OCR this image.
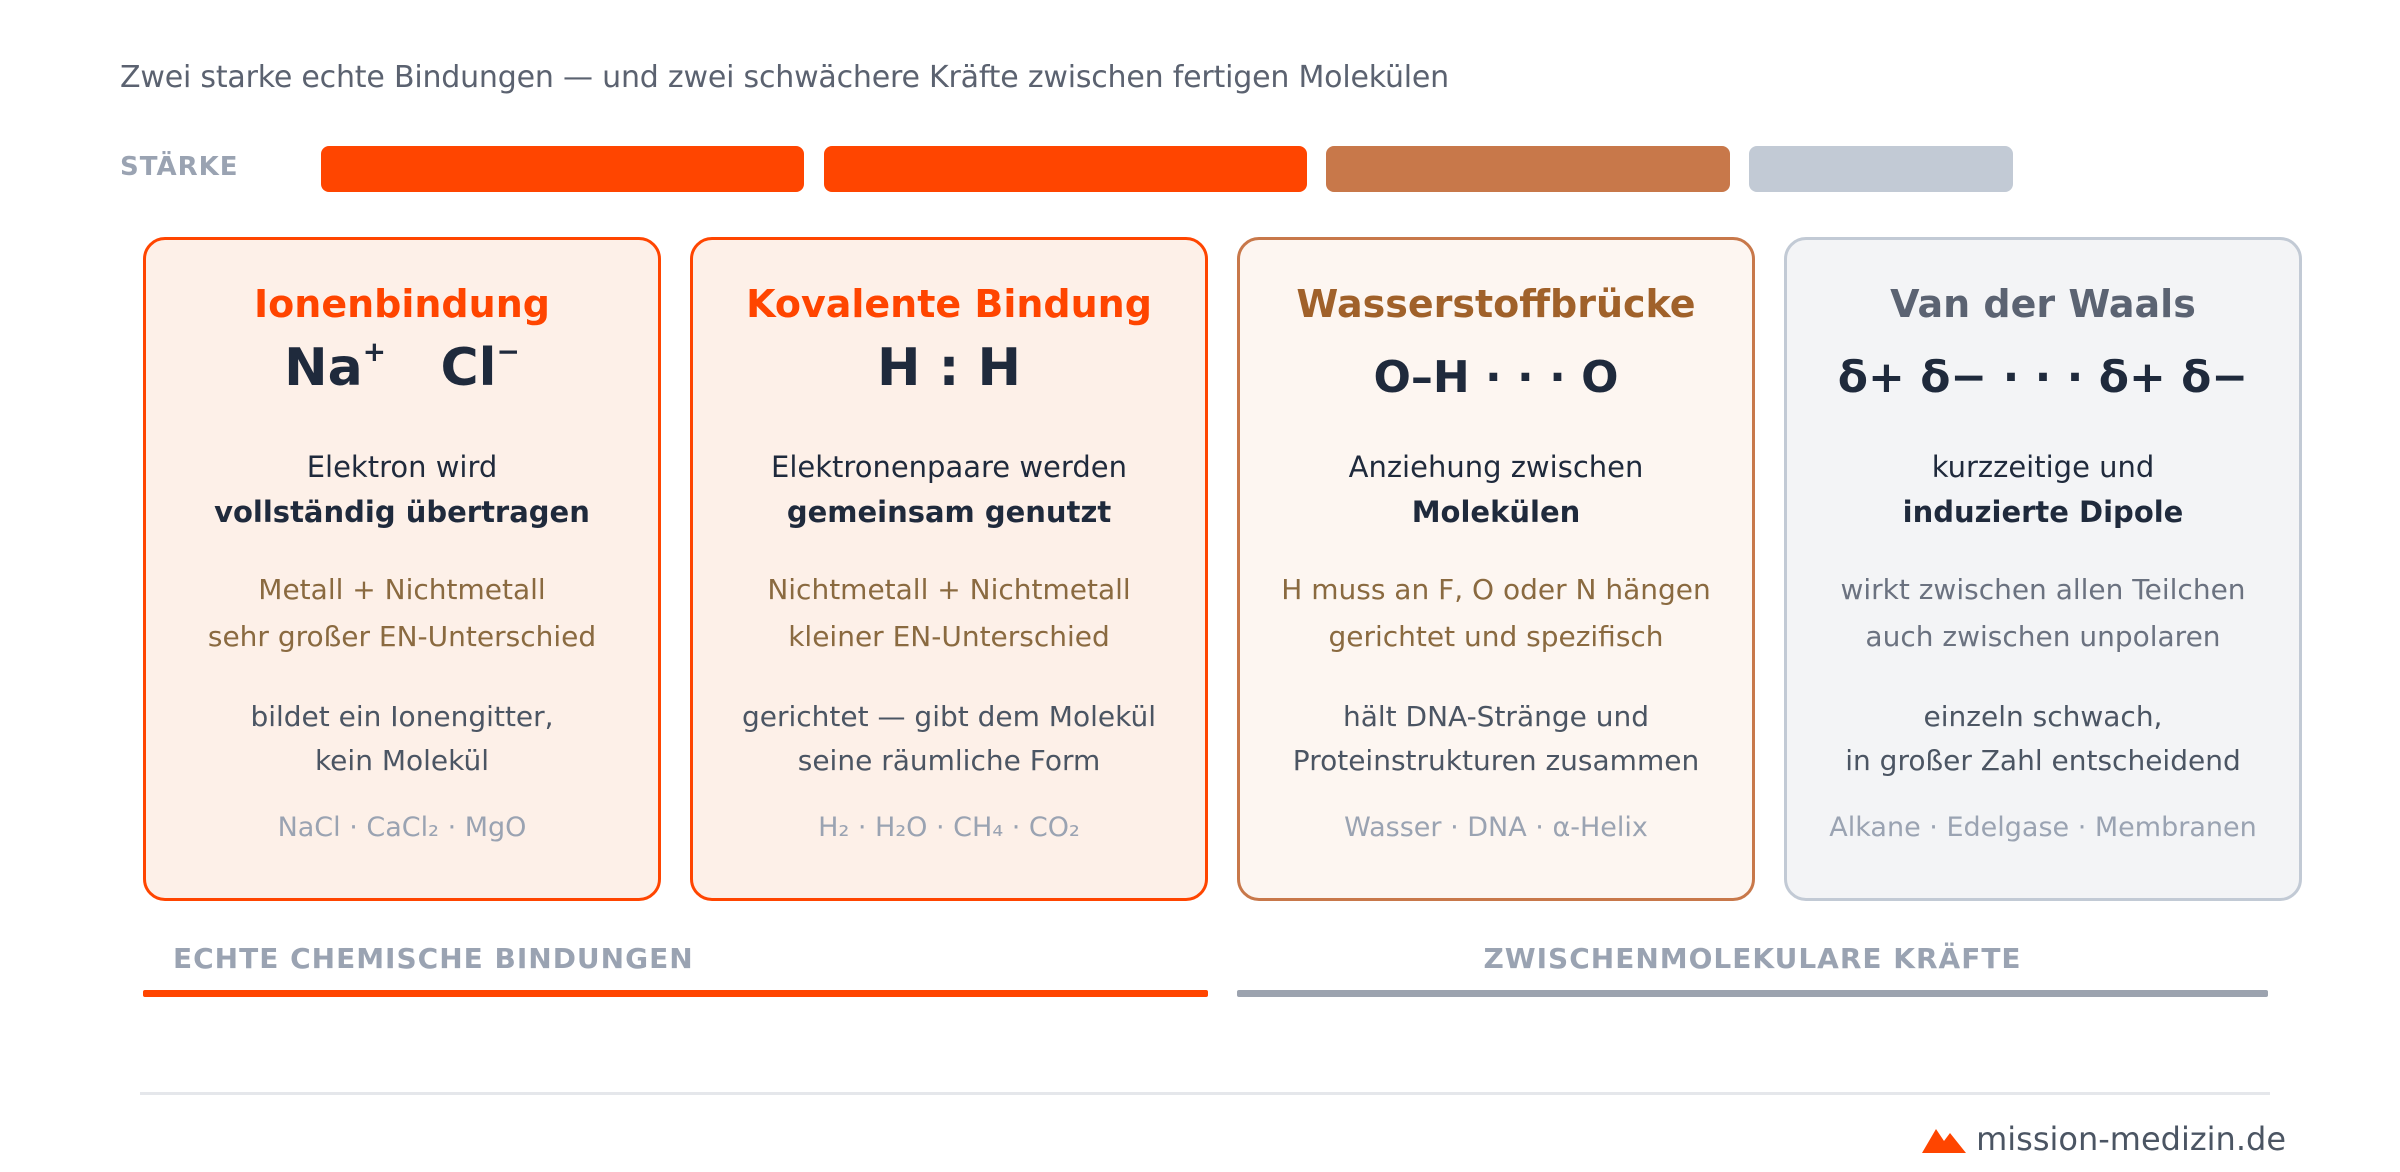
Zwei starke echte Bindungen — und zwei schwächere Kräfte zwischen fertigen Molekülen
STÄRKE
Ionenbindung
Na+ Cl−
Elektron wird
vollständig übertragen
Metall + Nichtmetall
sehr großer EN-Unterschied
bildet ein Ionengitter,
kein Molekül
NaCl · CaCl₂ · MgO
Kovalente Bindung
H : H
Elektronenpaare werden
gemeinsam genutzt
Nichtmetall + Nichtmetall
kleiner EN-Unterschied
gerichtet — gibt dem Molekül
seine räumliche Form
H₂ · H₂O · CH₄ · CO₂
Wasserstoffbrücke
O–H · · · O
Anziehung zwischen
Molekülen
H muss an F, O oder N hängen
gerichtet und spezifisch
hält DNA-Stränge und
Proteinstrukturen zusammen
Wasser · DNA · α-Helix
Van der Waals
δ+ δ− · · · δ+ δ−
kurzzeitige und
induzierte Dipole
wirkt zwischen allen Teilchen
auch zwischen unpolaren
einzeln schwach,
in großer Zahl entscheidend
Alkane · Edelgase · Membranen
ECHTE CHEMISCHE BINDUNGEN	ZWISCHENMOLEKULARE KRÄFTE
mission-medizin.de
